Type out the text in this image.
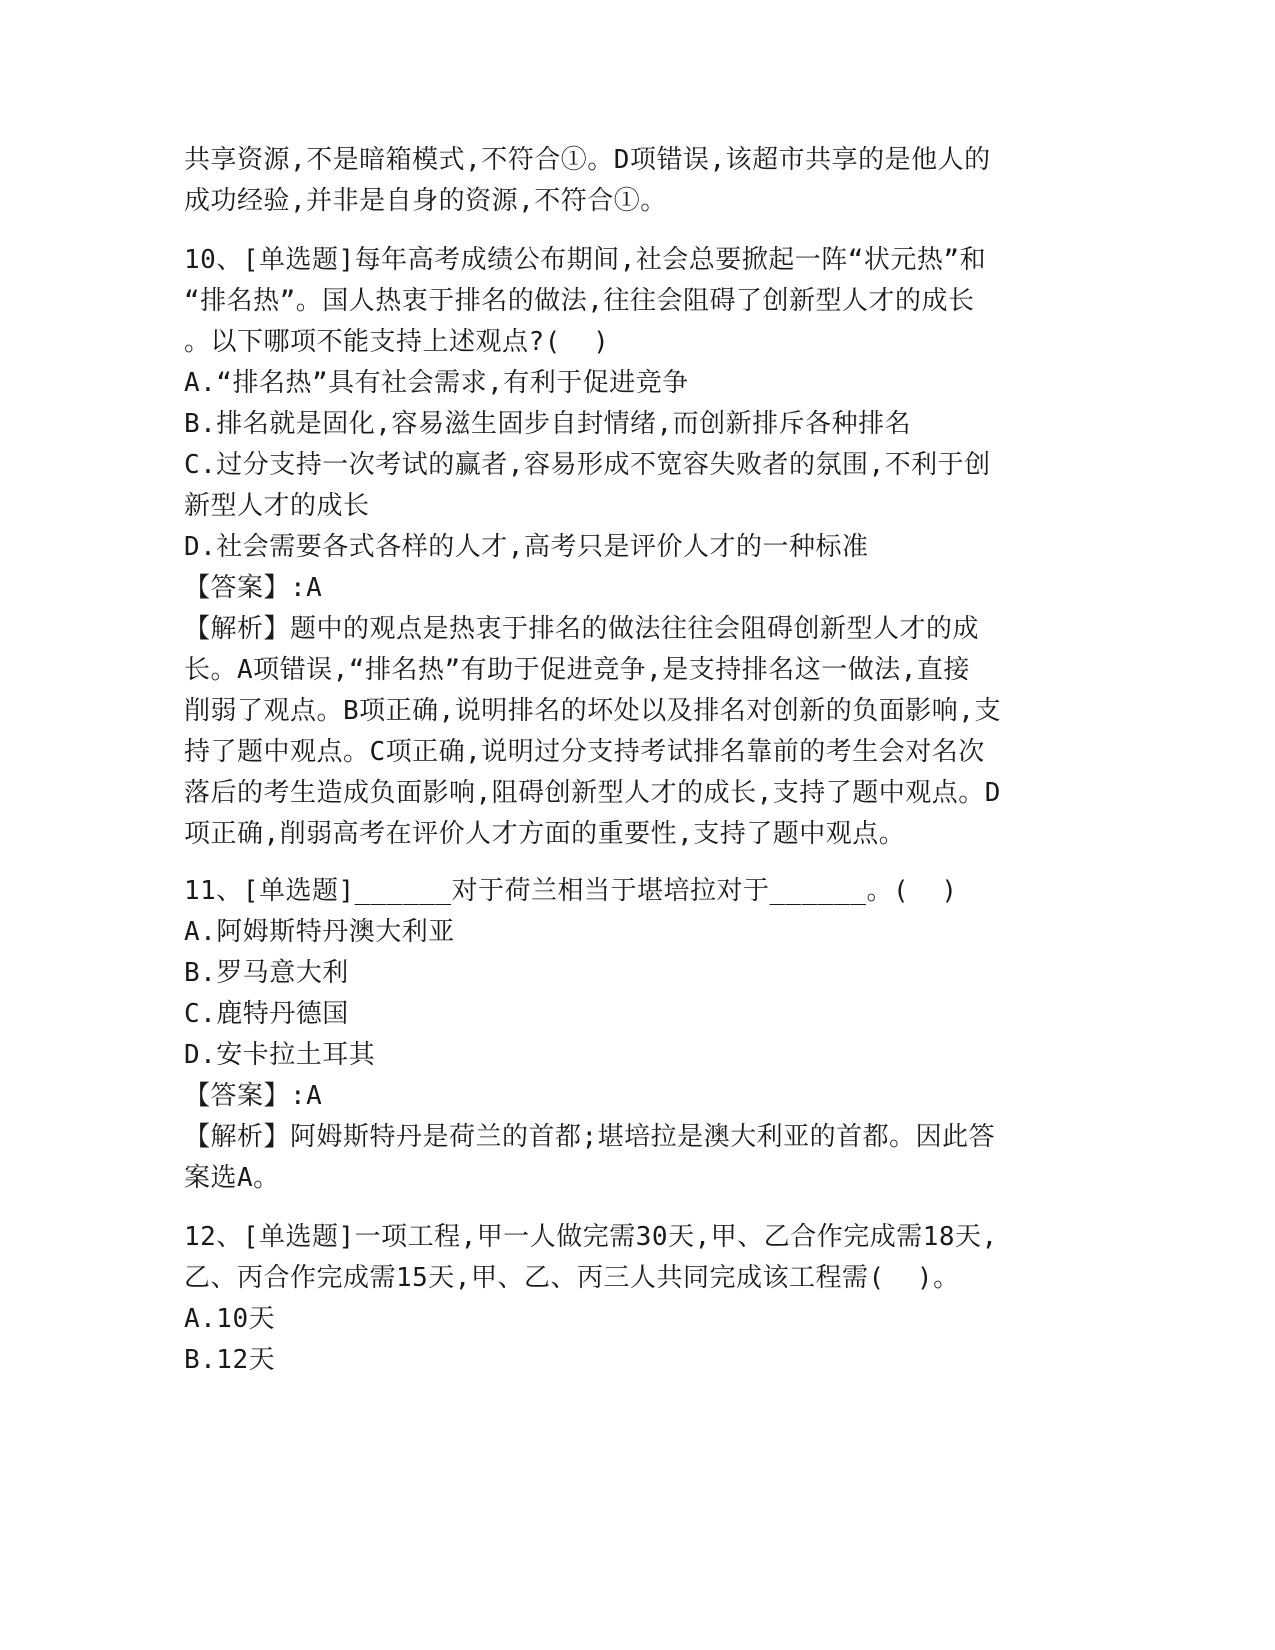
共享资源,不是暗箱模式,不符合①。D项错误,该超市共享的是他人的
成功经验,并非是自身的资源,不符合①。
10、[单选题]每年高考成绩公布期间,社会总要掀起一阵“状元热”和
“排名热”。国人热衷于排名的做法,往往会阻碍了创新型人才的成长
。以下哪项不能支持上述观点?(  )
A.“排名热”具有社会需求,有利于促进竞争
B.排名就是固化,容易滋生固步自封情绪,而创新排斥各种排名
C.过分支持一次考试的赢者,容易形成不宽容失败者的氛围,不利于创
新型人才的成长
D.社会需要各式各样的人才,高考只是评价人才的一种标准
【答案】:A
【解析】题中的观点是热衷于排名的做法往往会阻碍创新型人才的成
长。A项错误,“排名热”有助于促进竞争,是支持排名这一做法,直接
削弱了观点。B项正确,说明排名的坏处以及排名对创新的负面影响,支
持了题中观点。C项正确,说明过分支持考试排名靠前的考生会对名次
落后的考生造成负面影响,阻碍创新型人才的成长,支持了题中观点。D
项正确,削弱高考在评价人才方面的重要性,支持了题中观点。
11、[单选题]______对于荷兰相当于堪培拉对于______。(  )
A.阿姆斯特丹澳大利亚
B.罗马意大利
C.鹿特丹德国
D.安卡拉土耳其
【答案】:A
【解析】阿姆斯特丹是荷兰的首都;堪培拉是澳大利亚的首都。因此答
案选A。
12、[单选题]一项工程,甲一人做完需30天,甲、乙合作完成需18天,
乙、丙合作完成需15天,甲、乙、丙三人共同完成该工程需(  )。
A.10天
B.12天
